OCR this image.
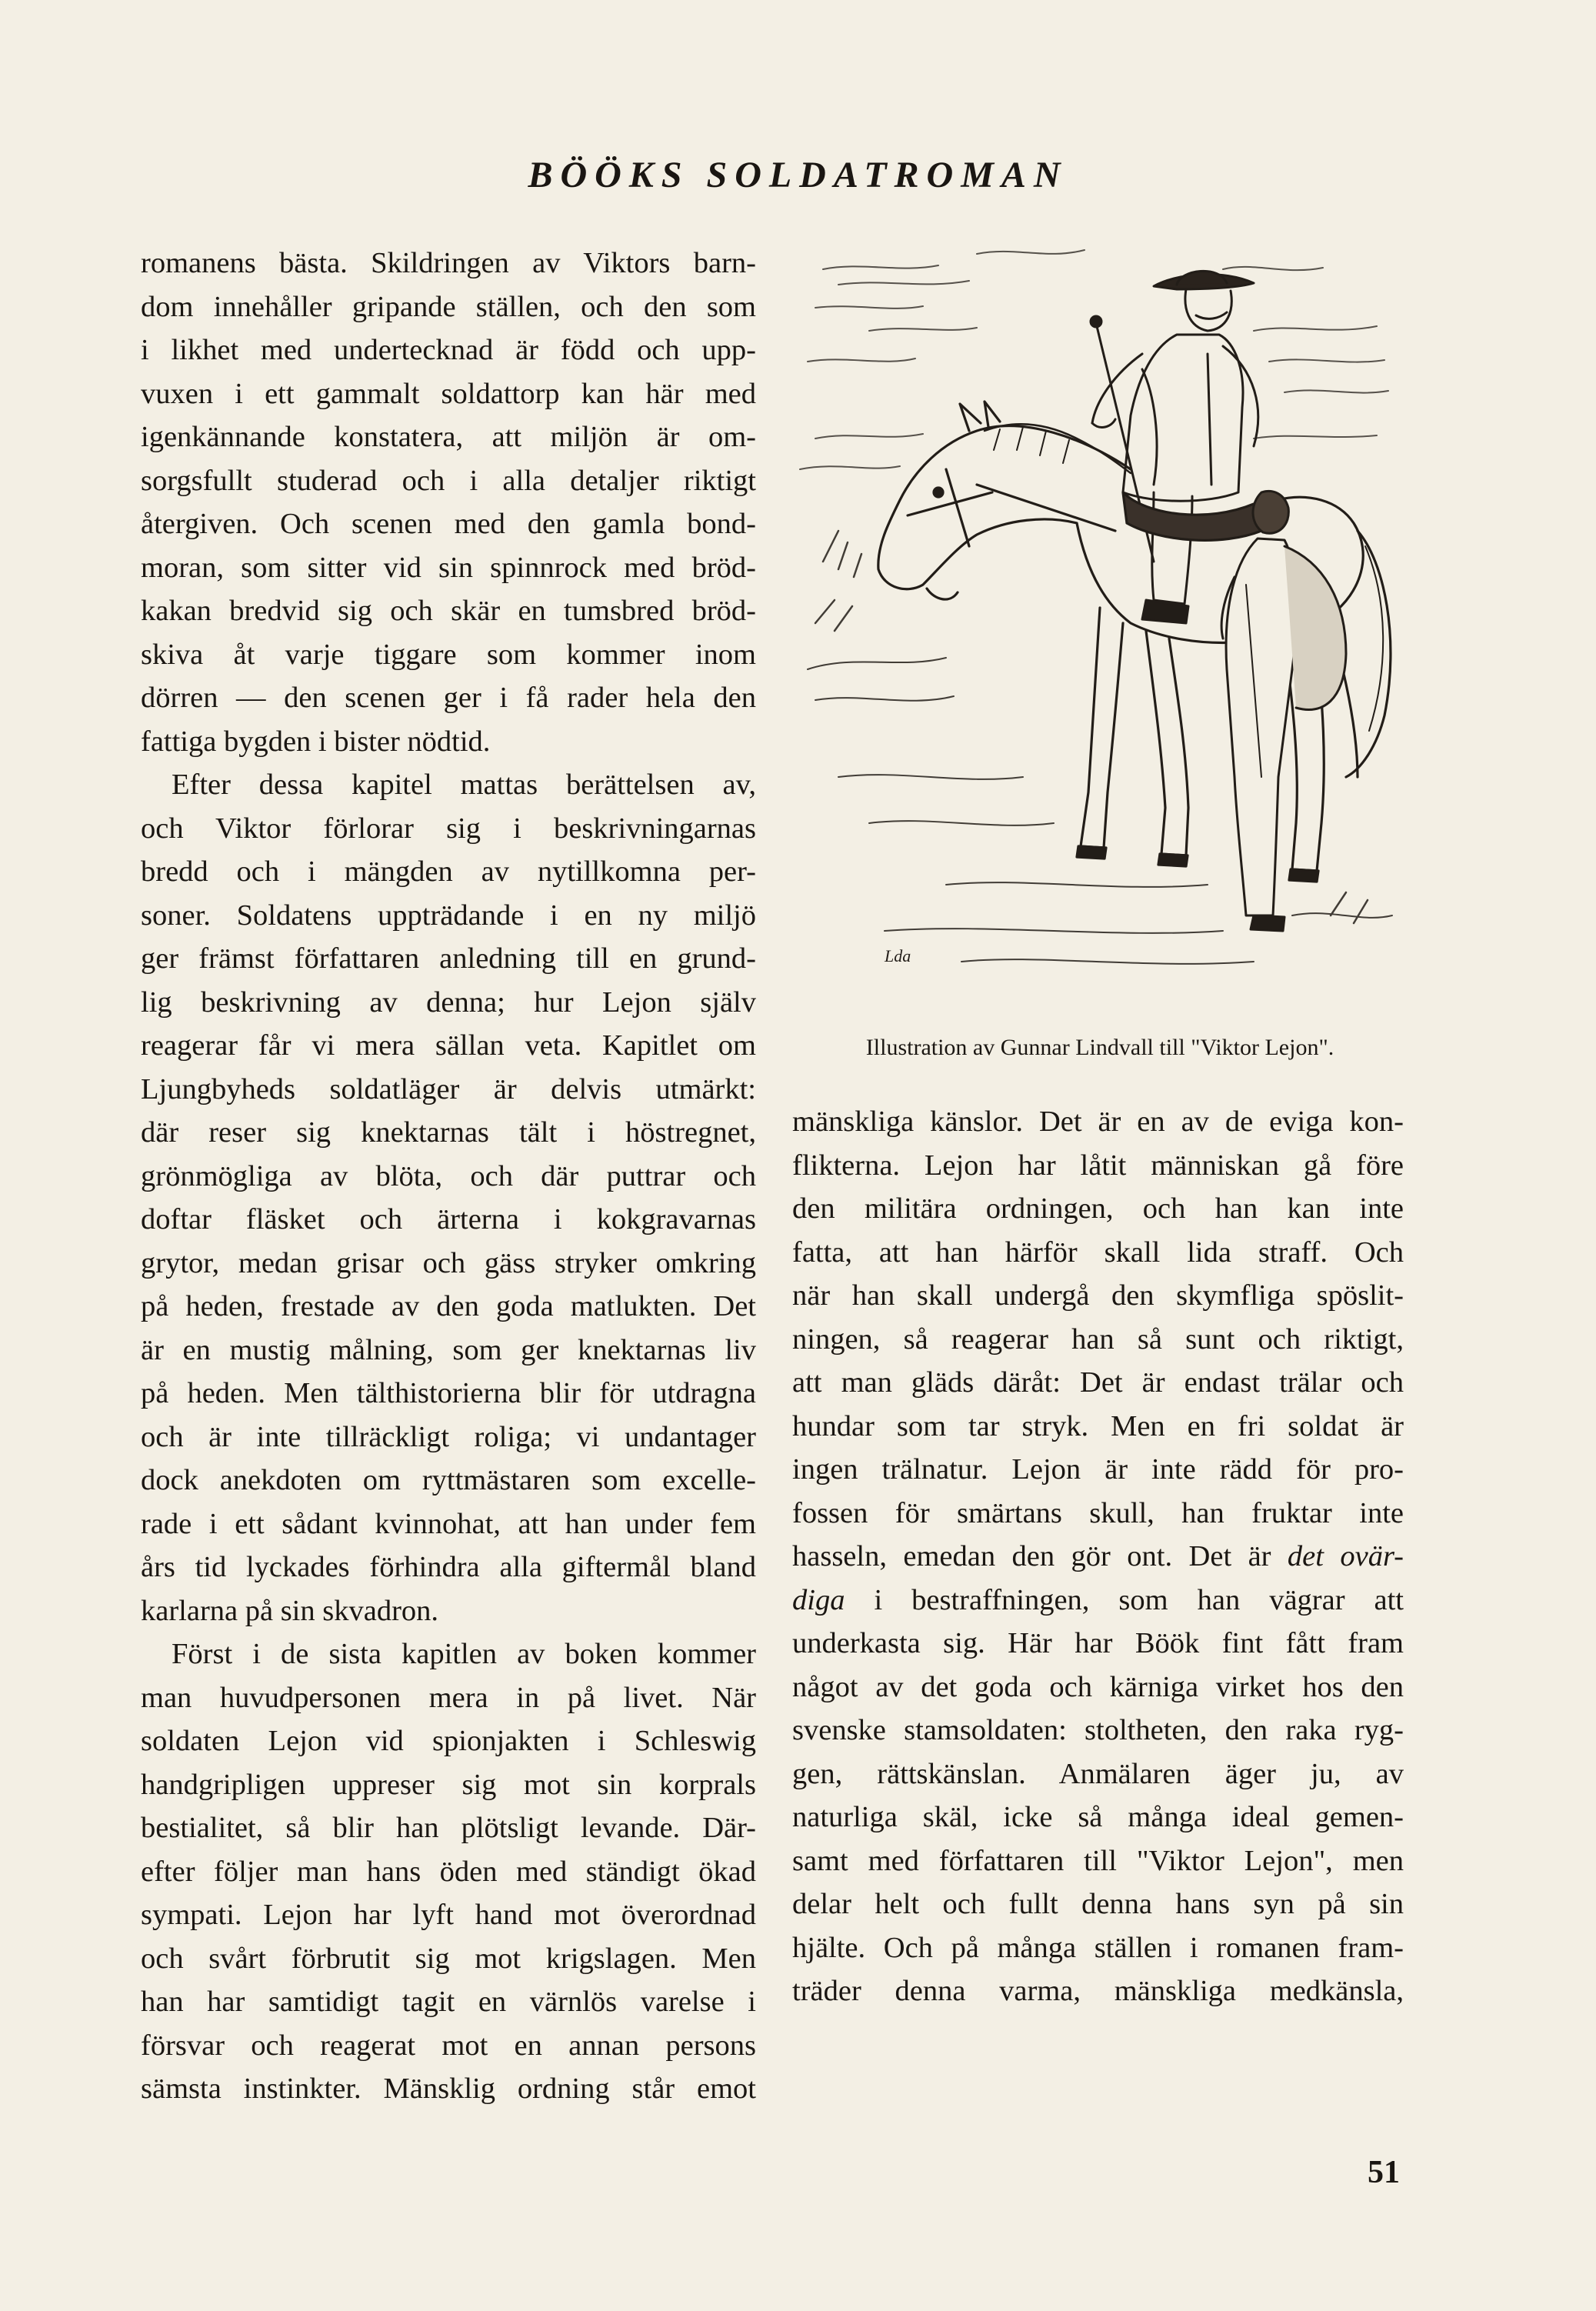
BÖÖKS SOLDATROMAN
romanens bästa. Skildringen av Viktors barn-
dom innehåller gripande ställen, och den som
i likhet med undertecknad är född och upp-
vuxen i ett gammalt soldattorp kan här med
igenkännande konstatera, att miljön är om-
sorgsfullt studerad och i alla detaljer riktigt
återgiven. Och scenen med den gamla bond-
moran, som sitter vid sin spinnrock med bröd-
kakan bredvid sig och skär en tumsbred bröd-
skiva åt varje tiggare som kommer inom
dörren — den scenen ger i få rader hela den
fattiga bygden i bister nödtid.
Efter dessa kapitel mattas berättelsen av,
och Viktor förlorar sig i beskrivningarnas
bredd och i mängden av nytillkomna per-
soner. Soldatens uppträdande i en ny miljö
ger främst författaren anledning till en grund-
lig beskrivning av denna; hur Lejon själv
reagerar får vi mera sällan veta. Kapitlet om
Ljungbyheds soldatläger är delvis utmärkt:
där reser sig knektarnas tält i höstregnet,
grönmögliga av blöta, och där puttrar och
doftar fläsket och ärterna i kokgravarnas
grytor, medan grisar och gäss stryker omkring
på heden, frestade av den goda matlukten. Det
är en mustig målning, som ger knektarnas liv
på heden. Men tälthistorierna blir för utdragna
och är inte tillräckligt roliga; vi undantager
dock anekdoten om ryttmästaren som excelle-
rade i ett sådant kvinnohat, att han under fem
års tid lyckades förhindra alla giftermål bland
karlarna på sin skvadron.
Först i de sista kapitlen av boken kommer
man huvudpersonen mera in på livet. När
soldaten Lejon vid spionjakten i Schleswig
handgripligen uppreser sig mot sin korprals
bestialitet, så blir han plötsligt levande. Där-
efter följer man hans öden med ständigt ökad
sympati. Lejon har lyft hand mot överordnad
och svårt förbrutit sig mot krigslagen. Men
han har samtidigt tagit en värnlös varelse i
försvar och reagerat mot en annan persons
sämsta instinkter. Mänsklig ordning står emot
Lda
Illustration av Gunnar Lindvall till "Viktor Lejon".
mänskliga känslor. Det är en av de eviga kon-
flikterna. Lejon har låtit människan gå före
den militära ordningen, och han kan inte
fatta, att han härför skall lida straff. Och
när han skall undergå den skymfliga spöslit-
ningen, så reagerar han så sunt och riktigt,
att man gläds däråt: Det är endast trälar och
hundar som tar stryk. Men en fri soldat är
ingen trälnatur. Lejon är inte rädd för pro-
fossen för smärtans skull, han fruktar inte
hasseln, emedan den gör ont. Det är det ovär-
diga i bestraffningen, som han vägrar att
underkasta sig. Här har Böök fint fått fram
något av det goda och kärniga virket hos den
svenske stamsoldaten: stoltheten, den raka ryg-
gen, rättskänslan. Anmälaren äger ju, av
naturliga skäl, icke så många ideal gemen-
samt med författaren till "Viktor Lejon", men
delar helt och fullt denna hans syn på sin
hjälte. Och på många ställen i romanen fram-
träder denna varma, mänskliga medkänsla,
51
